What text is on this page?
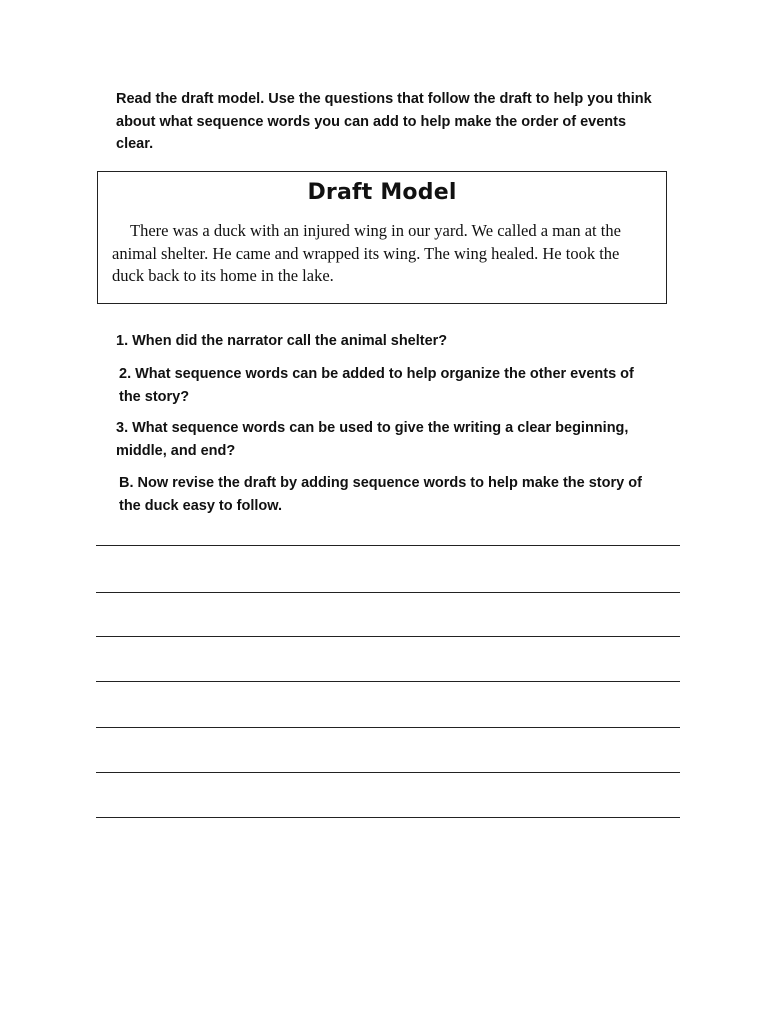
Read the draft model. Use the questions that follow the draft to help you think about what sequence words you can add to help make the order of events clear.

Draft Model

There was a duck with an injured wing in our yard. We called a man at the animal shelter. He came and wrapped its wing. The wing healed. He took the duck back to its home in the lake.

1. When did the narrator call the animal shelter?

2. What sequence words can be added to help organize the other events of the story?

3. What sequence words can be used to give the writing a clear beginning, middle, and end?

B. Now revise the draft by adding sequence words to help make the story of the duck easy to follow.
